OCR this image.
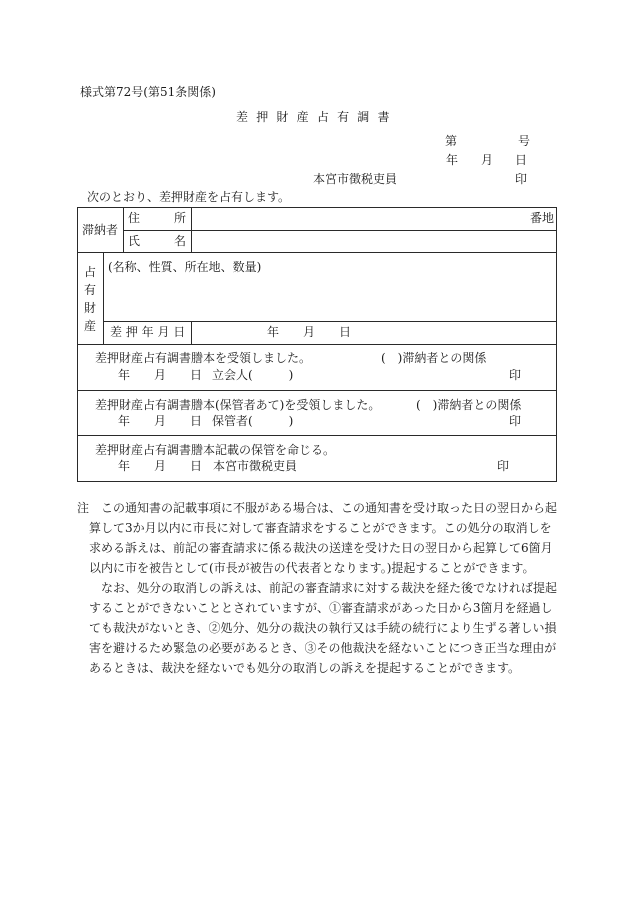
様式第72号(第51条関係)
差 押 財 産 占 有 調 書
第	号
年 月 日
本宮市徴税吏員	印
次のとおり、差押財産を占有します。
滞納者
住　所	番地
氏　名
占有財産
(名称、性質、所在地、数量)
差 押 年 月 日	年　　月　　日
差押財産占有調書謄本を受領しました。	(　)滞納者との関係
年　　月　　日 立会人(　　　)	印
差押財産占有調書謄本(保管者あて)を受領しました。	(　)滞納者との関係
年　　月　　日 保管者(　　　)	印
差押財産占有調書謄本記載の保管を命じる。
年　　月　　日 本宮市徴税吏員	印
注 この通知書の記載事項に不服がある場合は、この通知書を受け取った日の翌日から起
算して3か月以内に市長に対して審査請求をすることができます。この処分の取消しを
求める訴えは、前記の審査請求に係る裁決の送達を受けた日の翌日から起算して6箇月
以内に市を被告として(市長が被告の代表者となります。)提起することができます。
なお、処分の取消しの訴えは、前記の審査請求に対する裁決を経た後でなければ提起
することができないこととされていますが、①審査請求があった日から3箇月を経過し
ても裁決がないとき、②処分、処分の裁決の執行又は手続の続行により生ずる著しい損
害を避けるため緊急の必要があるとき、③その他裁決を経ないことにつき正当な理由が
あるときは、裁決を経ないでも処分の取消しの訴えを提起することができます。
